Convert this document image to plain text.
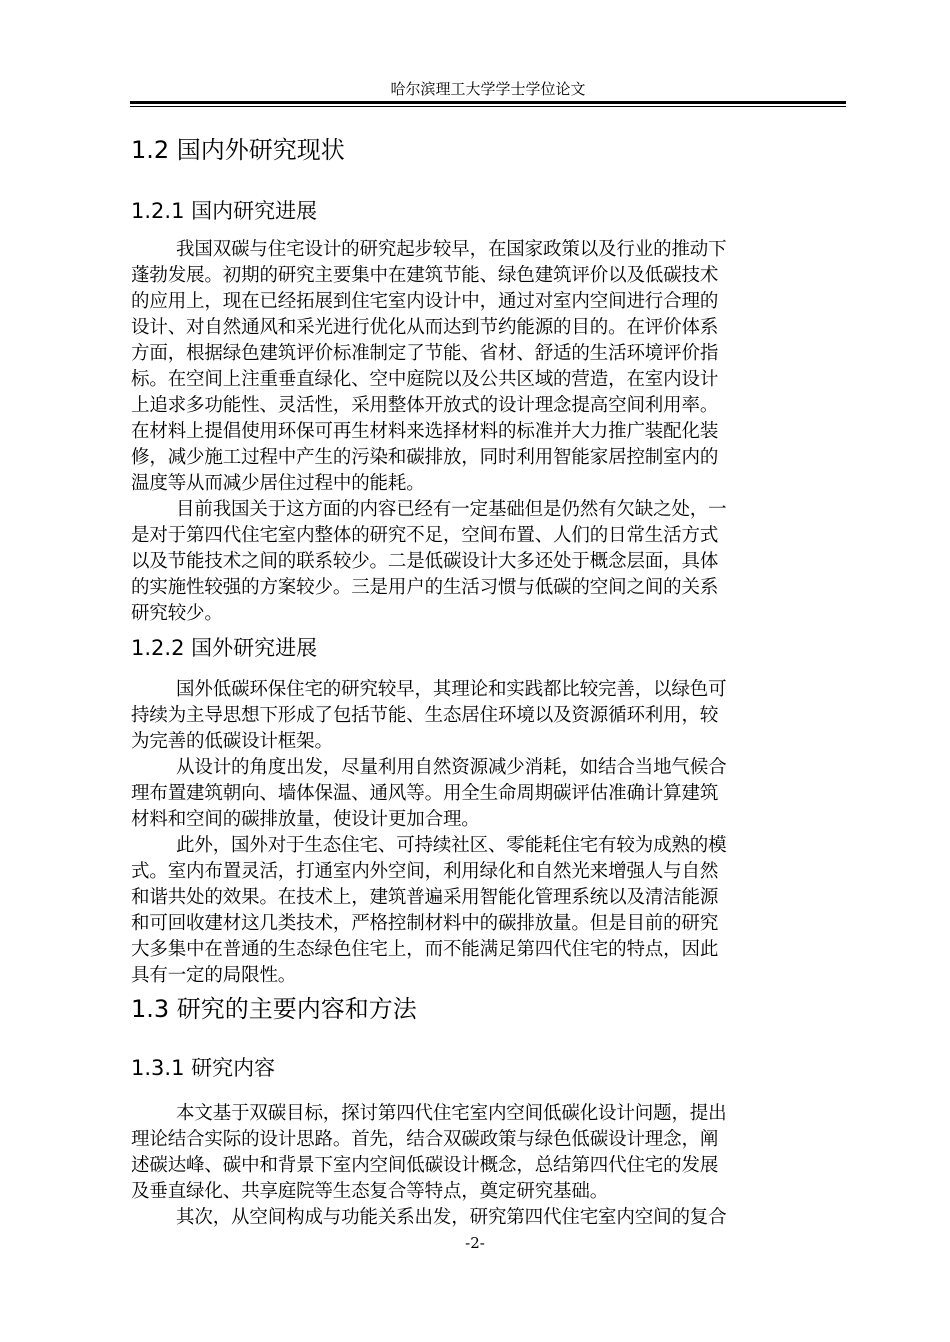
哈尔滨理工大学学士学位论文
1.2 国内外研究现状
1.2.1 国内研究进展
我国双碳与住宅设计的研究起步较早，在国家政策以及行业的推动下
蓬勃发展。初期的研究主要集中在建筑节能、绿色建筑评价以及低碳技术
的应用上，现在已经拓展到住宅室内设计中，通过对室内空间进行合理的
设计、对自然通风和采光进行优化从而达到节约能源的目的。在评价体系
方面，根据绿色建筑评价标准制定了节能、省材、舒适的生活环境评价指
标。在空间上注重垂直绿化、空中庭院以及公共区域的营造，在室内设计
上追求多功能性、灵活性，采用整体开放式的设计理念提高空间利用率。
在材料上提倡使用环保可再生材料来选择材料的标准并大力推广装配化装
修，减少施工过程中产生的污染和碳排放，同时利用智能家居控制室内的
温度等从而减少居住过程中的能耗。
目前我国关于这方面的内容已经有一定基础但是仍然有欠缺之处，一
是对于第四代住宅室内整体的研究不足，空间布置、人们的日常生活方式
以及节能技术之间的联系较少。二是低碳设计大多还处于概念层面，具体
的实施性较强的方案较少。三是用户的生活习惯与低碳的空间之间的关系
研究较少。
1.2.2 国外研究进展
国外低碳环保住宅的研究较早，其理论和实践都比较完善，以绿色可
持续为主导思想下形成了包括节能、生态居住环境以及资源循环利用，较
为完善的低碳设计框架。
从设计的角度出发，尽量利用自然资源减少消耗，如结合当地气候合
理布置建筑朝向、墙体保温、通风等。用全生命周期碳评估准确计算建筑
材料和空间的碳排放量，使设计更加合理。
此外，国外对于生态住宅、可持续社区、零能耗住宅有较为成熟的模
式。室内布置灵活，打通室内外空间，利用绿化和自然光来增强人与自然
和谐共处的效果。在技术上，建筑普遍采用智能化管理系统以及清洁能源
和可回收建材这几类技术，严格控制材料中的碳排放量。但是目前的研究
大多集中在普通的生态绿色住宅上，而不能满足第四代住宅的特点，因此
具有一定的局限性。
1.3 研究的主要内容和方法
1.3.1 研究内容
本文基于双碳目标，探讨第四代住宅室内空间低碳化设计问题，提出
理论结合实际的设计思路。首先，结合双碳政策与绿色低碳设计理念，阐
述碳达峰、碳中和背景下室内空间低碳设计概念，总结第四代住宅的发展
及垂直绿化、共享庭院等生态复合等特点，奠定研究基础。
其次，从空间构成与功能关系出发，研究第四代住宅室内空间的复合
-2-
